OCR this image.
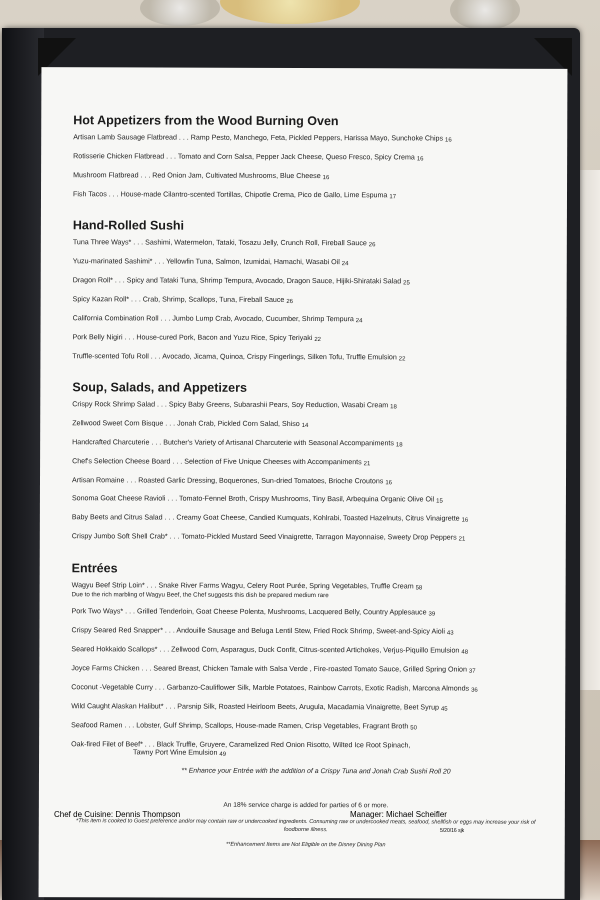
Hot Appetizers from the Wood Burning Oven
Artisan Lamb Sausage Flatbread . . . Ramp Pesto, Manchego, Feta, Pickled Peppers, Harissa Mayo, Sunchoke Chips 16
Rotisserie Chicken Flatbread . . . Tomato and Corn Salsa, Pepper Jack Cheese, Queso Fresco, Spicy Crema 16
Mushroom Flatbread . . . Red Onion Jam, Cultivated Mushrooms, Blue Cheese 16
Fish Tacos . . . House-made Cilantro-scented Tortillas, Chipotle Crema, Pico de Gallo, Lime Espuma 17
Hand-Rolled Sushi
Tuna Three Ways* . . . Sashimi, Watermelon, Tataki, Tosazu Jelly, Crunch Roll, Fireball Sauce 26
Yuzu-marinated Sashimi* . . . Yellowfin Tuna, Salmon, Izumidai, Hamachi, Wasabi Oil 24
Dragon Roll* . . . Spicy and Tataki Tuna, Shrimp Tempura, Avocado, Dragon Sauce, Hijiki-Shirataki Salad 25
Spicy Kazan Roll* . . . Crab, Shrimp, Scallops, Tuna, Fireball Sauce 26
California Combination Roll . . . Jumbo Lump Crab, Avocado, Cucumber, Shrimp Tempura 24
Pork Belly Nigiri . . . House-cured Pork, Bacon and Yuzu Rice, Spicy Teriyaki 22
Truffle-scented Tofu Roll . . . Avocado, Jicama, Quinoa, Crispy Fingerlings, Silken Tofu, Truffle Emulsion 22
Soup, Salads, and Appetizers
Crispy Rock Shrimp Salad . . . Spicy Baby Greens, Subarashii Pears, Soy Reduction, Wasabi Cream 18
Zellwood Sweet Corn Bisque . . . Jonah Crab, Pickled Corn Salad, Shiso 14
Handcrafted Charcuterie . . . Butcher's Variety of Artisanal Charcuterie with Seasonal Accompaniments 18
Chef's Selection Cheese Board . . . Selection of Five Unique Cheeses with Accompaniments 21
Artisan Romaine . . . Roasted Garlic Dressing, Boquerones, Sun-dried Tomatoes, Brioche Croutons 16
Sonoma Goat Cheese Ravioli . . . Tomato-Fennel Broth, Crispy Mushrooms, Tiny Basil, Arbequina Organic Olive Oil 15
Baby Beets and Citrus Salad . . . Creamy Goat Cheese, Candied Kumquats, Kohlrabi, Toasted Hazelnuts, Citrus Vinaigrette 16
Crispy Jumbo Soft Shell Crab* . . . Tomato-Pickled Mustard Seed Vinaigrette, Tarragon Mayonnaise, Sweety Drop Peppers 21
Entrées
Wagyu Beef Strip Loin* . . . Snake River Farms Wagyu, Celery Root Purée, Spring Vegetables, Truffle Cream 58
Due to the rich marbling of Wagyu Beef, the Chef suggests this dish be prepared medium rare
Pork Two Ways* . . . Grilled Tenderloin, Goat Cheese Polenta, Mushrooms, Lacquered Belly, Country Applesauce 39
Crispy Seared Red Snapper* . . . Andouille Sausage and Beluga Lentil Stew, Fried Rock Shrimp, Sweet-and-Spicy Aioli 43
Seared Hokkaido Scallops* . . . Zellwood Corn, Asparagus, Duck Confit, Citrus-scented Artichokes, Verjus-Piquillo Emulsion 48
Joyce Farms Chicken . . . Seared Breast, Chicken Tamale with Salsa Verde , Fire-roasted Tomato Sauce, Grilled Spring Onion 37
Coconut -Vegetable Curry . . . Garbanzo-Cauliflower Silk, Marble Potatoes, Rainbow Carrots, Exotic Radish, Marcona Almonds 36
Wild Caught Alaskan Halibut* . . . Parsnip Silk, Roasted Heirloom Beets, Arugula, Macadamia Vinaigrette, Beet Syrup 45
Seafood Ramen . . . Lobster, Gulf Shrimp, Scallops, House-made Ramen, Crisp Vegetables, Fragrant Broth 50
Oak-fired Filet of Beef* . . . Black Truffle, Gruyere, Caramelized Red Onion Risotto, Wilted Ice Root Spinach,
Tawny Port Wine Emulsion 49
** Enhance your Entrée with the addition of a Crispy Tuna and Jonah Crab Sushi Roll 20
An 18% service charge is added for parties of 6 or more.
*This item is cooked to Guest preference and/or may contain raw or undercooked ingredients. Consuming raw or undercooked meats, seafood, shellfish or eggs may increase your risk of foodborne illness.
**Enhancement Items are Not Eligible on the Disney Dining Plan
Chef de Cuisine: Dennis Thompson	Manager: Michael Scheifler
5/20/16 sjk
